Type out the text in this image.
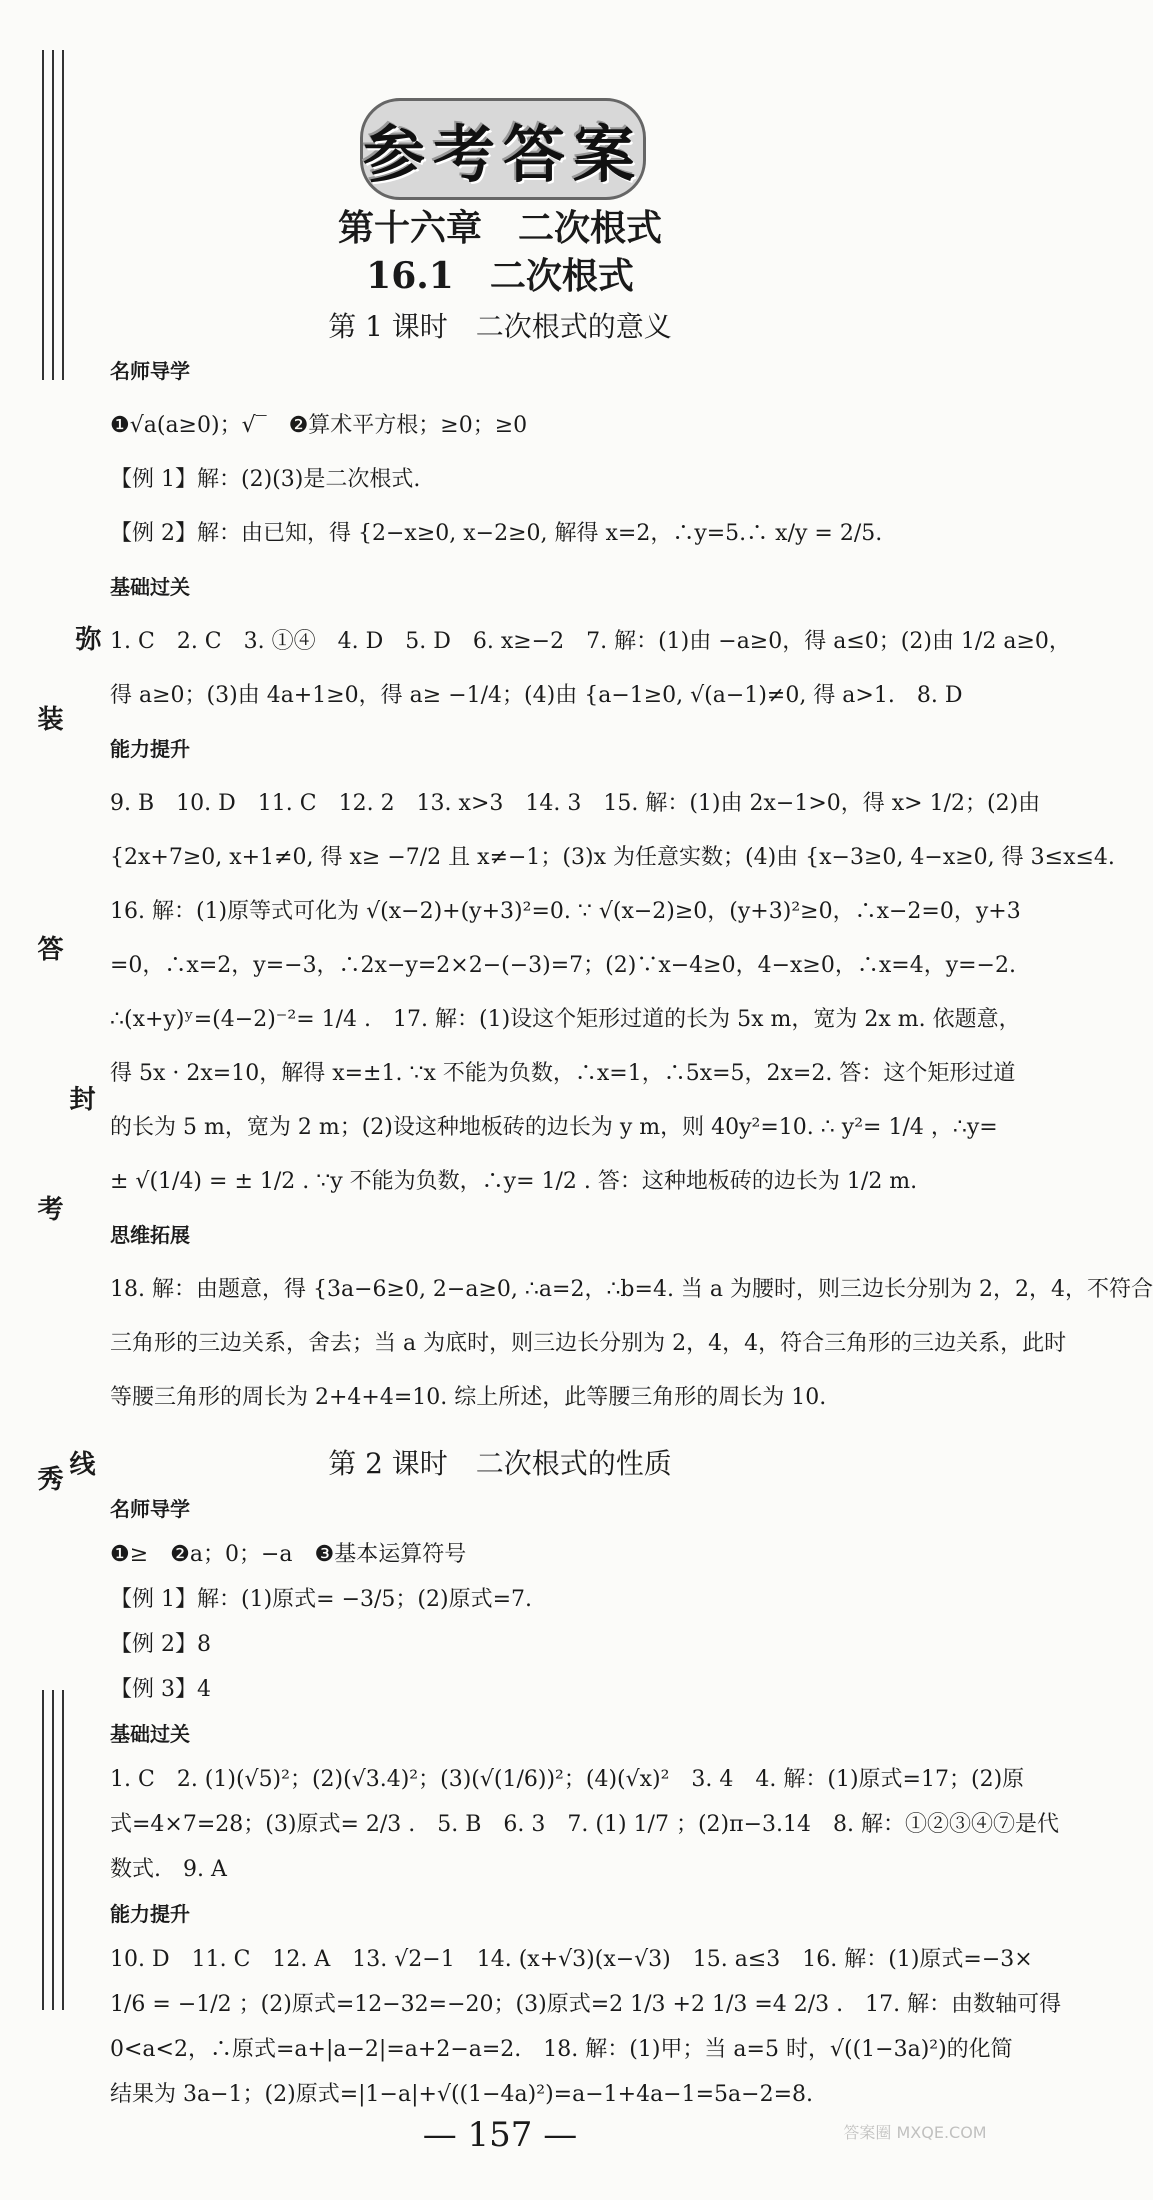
弥
装
答
封
考
线
秀
参考答案
第十六章　二次根式
16.1　二次根式
第 1 课时　二次根式的意义
名师导学
❶√a(a≥0)；√‾　❷算术平方根；≥0；≥0
【例 1】解：(2)(3)是二次根式.
【例 2】解：由已知，得 {2−x≥0, x−2≥0, 解得 x=2，∴y=5.∴ x/y = 2/5.
基础过关
1. C　2. C　3. ①④　4. D　5. D　6. x≥−2　7. 解：(1)由 −a≥0，得 a≤0；(2)由 1/2 a≥0，
得 a≥0；(3)由 4a+1≥0，得 a≥ −1/4；(4)由 {a−1≥0, √(a−1)≠0, 得 a>1.　8. D
能力提升
9. B　10. D　11. C　12. 2　13. x>3　14. 3　15. 解：(1)由 2x−1>0，得 x> 1/2；(2)由
{2x+7≥0, x+1≠0, 得 x≥ −7/2 且 x≠−1；(3)x 为任意实数；(4)由 {x−3≥0, 4−x≥0, 得 3≤x≤4.
16. 解：(1)原等式可化为 √(x−2)+(y+3)²=0. ∵ √(x−2)≥0，(y+3)²≥0，∴x−2=0，y+3
=0，∴x=2，y=−3，∴2x−y=2×2−(−3)=7；(2)∵x−4≥0，4−x≥0，∴x=4，y=−2.
∴(x+y)ʸ=(4−2)⁻²= 1/4 .　17. 解：(1)设这个矩形过道的长为 5x m，宽为 2x m. 依题意，
得 5x · 2x=10，解得 x=±1. ∵x 不能为负数，∴x=1，∴5x=5，2x=2. 答：这个矩形过道
的长为 5 m，宽为 2 m；(2)设这种地板砖的边长为 y m，则 40y²=10. ∴ y²= 1/4 ，∴y=
± √(1/4) = ± 1/2 . ∵y 不能为负数，∴y= 1/2 . 答：这种地板砖的边长为 1/2 m.
思维拓展
18. 解：由题意，得 {3a−6≥0, 2−a≥0, ∴a=2，∴b=4. 当 a 为腰时，则三边长分别为 2，2，4，不符合
三角形的三边关系，舍去；当 a 为底时，则三边长分别为 2，4，4，符合三角形的三边关系，此时
等腰三角形的周长为 2+4+4=10. 综上所述，此等腰三角形的周长为 10.
第 2 课时　二次根式的性质
名师导学
❶≥　❷a；0；−a　❸基本运算符号
【例 1】解：(1)原式= −3/5；(2)原式=7.
【例 2】8
【例 3】4
基础过关
1. C　2. (1)(√5)²；(2)(√3.4)²；(3)(√(1/6))²；(4)(√x)²　3. 4　4. 解：(1)原式=17；(2)原
式=4×7=28；(3)原式= 2/3 .　5. B　6. 3　7. (1) 1/7 ；(2)π−3.14　8. 解：①②③④⑦是代
数式.　9. A
能力提升
10. D　11. C　12. A　13. √2−1　14. (x+√3)(x−√3)　15. a≤3　16. 解：(1)原式=−3×
1/6 = −1/2 ；(2)原式=12−32=−20；(3)原式=2 1/3 +2 1/3 =4 2/3 .　17. 解：由数轴可得
0<a<2，∴原式=a+|a−2|=a+2−a=2.　18. 解：(1)甲；当 a=5 时，√((1−3a)²)的化简
结果为 3a−1；(2)原式=|1−a|+√((1−4a)²)=a−1+4a−1=5a−2=8.
— 157 —	答案圈 MXQE.COM
